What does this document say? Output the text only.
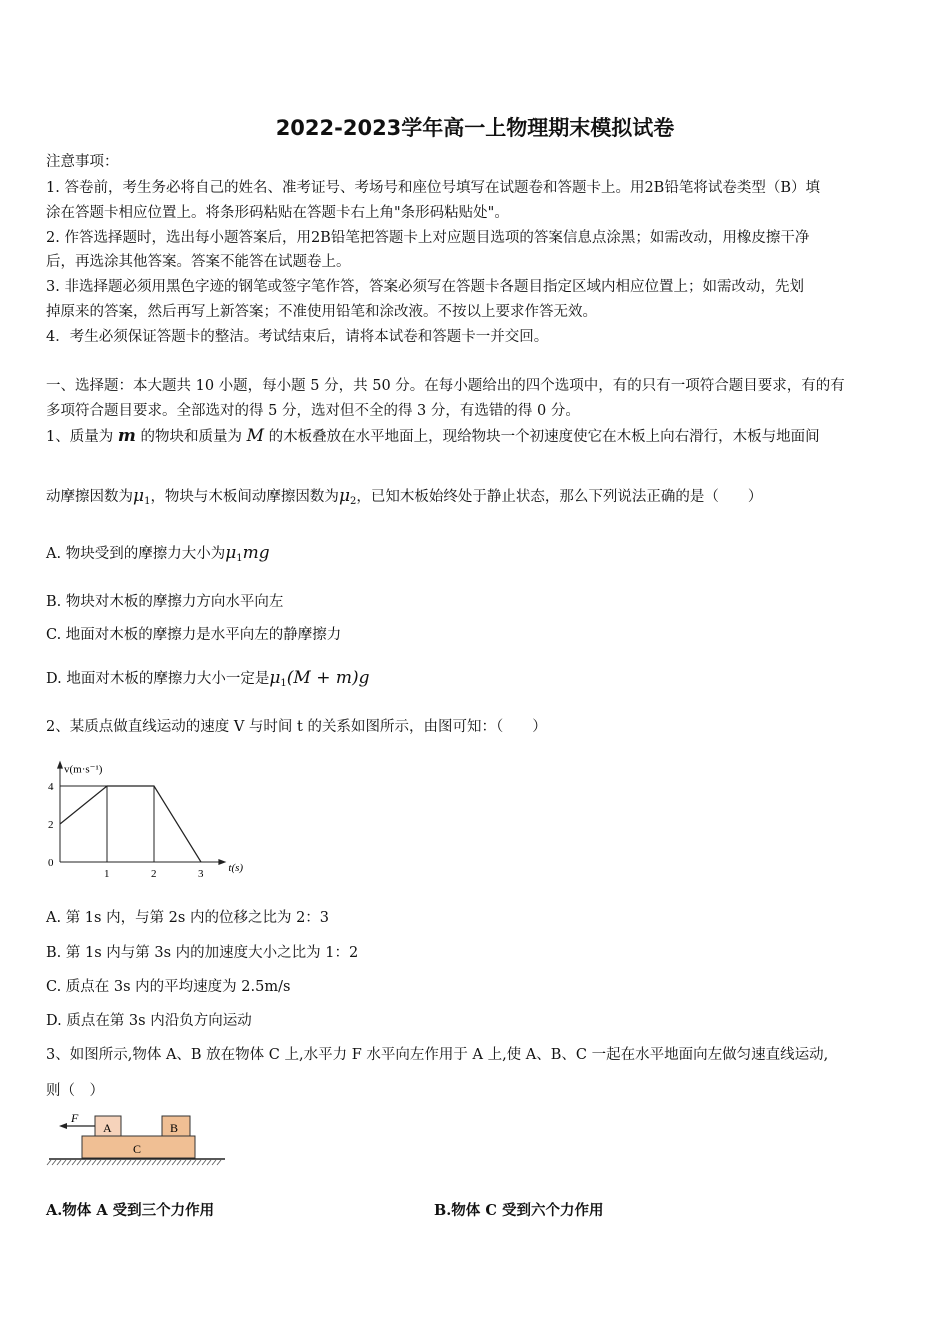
2022-2023学年高一上物理期末模拟试卷
注意事项：
1. 答卷前，考生务必将自己的姓名、准考证号、考场号和座位号填写在试题卷和答题卡上。用2B铅笔将试卷类型（B）填
涂在答题卡相应位置上。将条形码粘贴在答题卡右上角"条形码粘贴处"。
2. 作答选择题时，选出每小题答案后，用2B铅笔把答题卡上对应题目选项的答案信息点涂黑；如需改动，用橡皮擦干净
后，再选涂其他答案。答案不能答在试题卷上。
3. 非选择题必须用黑色字迹的钢笔或签字笔作答，答案必须写在答题卡各题目指定区域内相应位置上；如需改动，先划
掉原来的答案，然后再写上新答案；不准使用铅笔和涂改液。不按以上要求作答无效。
4．考生必须保证答题卡的整洁。考试结束后，请将本试卷和答题卡一并交回。
一、选择题：本大题共 10 小题，每小题 5 分，共 50 分。在每小题给出的四个选项中，有的只有一项符合题目要求，有的有
多项符合题目要求。全部选对的得 5 分，选对但不全的得 3 分，有选错的得 0 分。
1、质量为 m 的物块和质量为 M 的木板叠放在水平地面上，现给物块一个初速度使它在木板上向右滑行，木板与地面间
动摩擦因数为$\mu_1$，物块与木板间动摩擦因数为$\mu_2$，已知木板始终处于静止状态，那么下列说法正确的是（　　）
A. 物块受到的摩擦力大小为$\mu_1mg$
B. 物块对木板的摩擦力方向水平向左
C. 地面对木板的摩擦力是水平向左的静摩擦力
D. 地面对木板的摩擦力大小一定是$\mu_1(M + m)g$
2、某质点做直线运动的速度 V 与时间 t 的关系如图所示，由图可知：（　　）
v(m·s⁻¹)
t(s)
0
2
4
1	2	3
A. 第 1s 内，与第 2s 内的位移之比为 2：3
B. 第 1s 内与第 3s 内的加速度大小之比为 1：2
C. 质点在 3s 内的平均速度为 2.5m/s
D. 质点在第 3s 内沿负方向运动
3、如图所示,物体 A、B 放在物体 C 上,水平力 F 水平向左作用于 A 上,使 A、B、C 一起在水平地面向左做匀速直线运动,
则（　）
F
A	B
C
A.物体 A 受到三个力作用	B.物体 C 受到六个力作用
